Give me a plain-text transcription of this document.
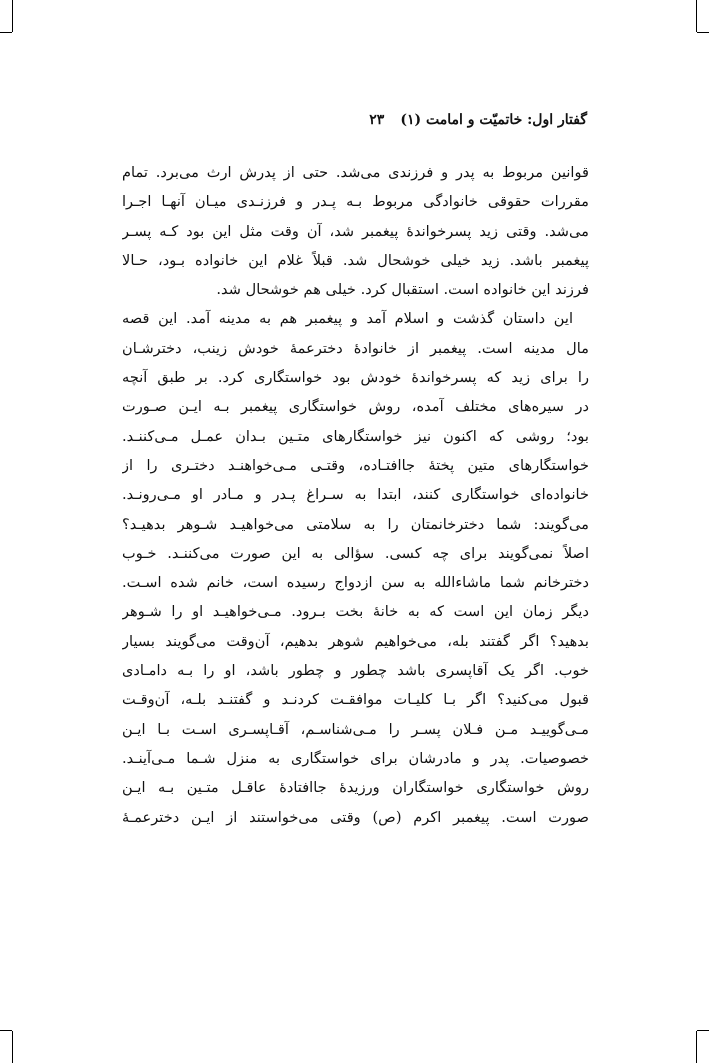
گفتار اول: خاتمیّت و امامت (۱)
۲۳
قوانین مربوط به پدر و فرزندی می‌شد. حتی از پدرش ارث می‌برد. تمام
مقررات حقوقی خانوادگی مربوط بـه پـدر و فرزنـدی میـان آنهـا اجـرا
می‌شد. وقتی زید پسرخواندهٔ پیغمبر شد، آن وقت مثل این بود کـه پسـر
پیغمبر باشد. زید خیلی خوشحال شد. قبلاً غلام این خانواده بـود، حـالا
فرزند این خانواده است. استقبال کرد. خیلی هم خوشحال شد.
این داستان گذشت و اسلام آمد و پیغمبر هم به مدینه آمد. این قصه
مال مدینه است. پیغمبر از خانوادهٔ دخترعمهٔ خودش زینب، دخترشـان
را برای زید که پسرخواندهٔ خودش بود خواستگاری کرد. بر طبق آنچه
در سیره‌های مختلف آمده، روش خواستگاری پیغمبر بـه ایـن صـورت
بود؛ روشی که اکنون نیز خواستگارهای متـین بـدان عمـل مـی‌کننـد.
خواستگارهای متین پختهٔ جاافتـاده، وقتـی مـی‌خواهنـد دختـری را از
خانواده‌ای خواستگاری کنند، ابتدا به سـراغ پـدر و مـادر او مـی‌رونـد.
می‌گویند: شما دخترخانمتان را به سلامتی می‌خواهیـد شـوهر بدهیـد؟
اصلاً نمی‌گویند برای چه کسی. سؤالی به این صورت می‌کننـد. خـوب
دخترخانم شما ماشاءالله به سن ازدواج رسیده است، خانم شده اسـت.
دیگر زمان این است که به خانهٔ بخت بـرود. مـی‌خواهیـد او را شـوهر
بدهید؟ اگر گفتند بله، می‌خواهیم شوهر بدهیم، آن‌وقت می‌گویند بسیار
خوب. اگر یک آقاپسری باشد چطور و چطور باشد، او را بـه دامـادی
قبول می‌کنید؟ اگر بـا کلیـات موافقـت کردنـد و گفتنـد بلـه، آن‌وقـت
مـی‌گوییـد مـن فـلان پسـر را مـی‌شناسـم، آقـاپسـری اسـت بـا ایـن
خصوصیات. پدر و مادرشان برای خواستگاری به منزل شـما مـی‌آینـد.
روش خواستگاری خواستگاران ورزیدهٔ جاافتادهٔ عاقـل متـین بـه ایـن
صورت است. پیغمبر اکرم (ص) وقتی می‌خواستند از ایـن دخترعمـهٔ
